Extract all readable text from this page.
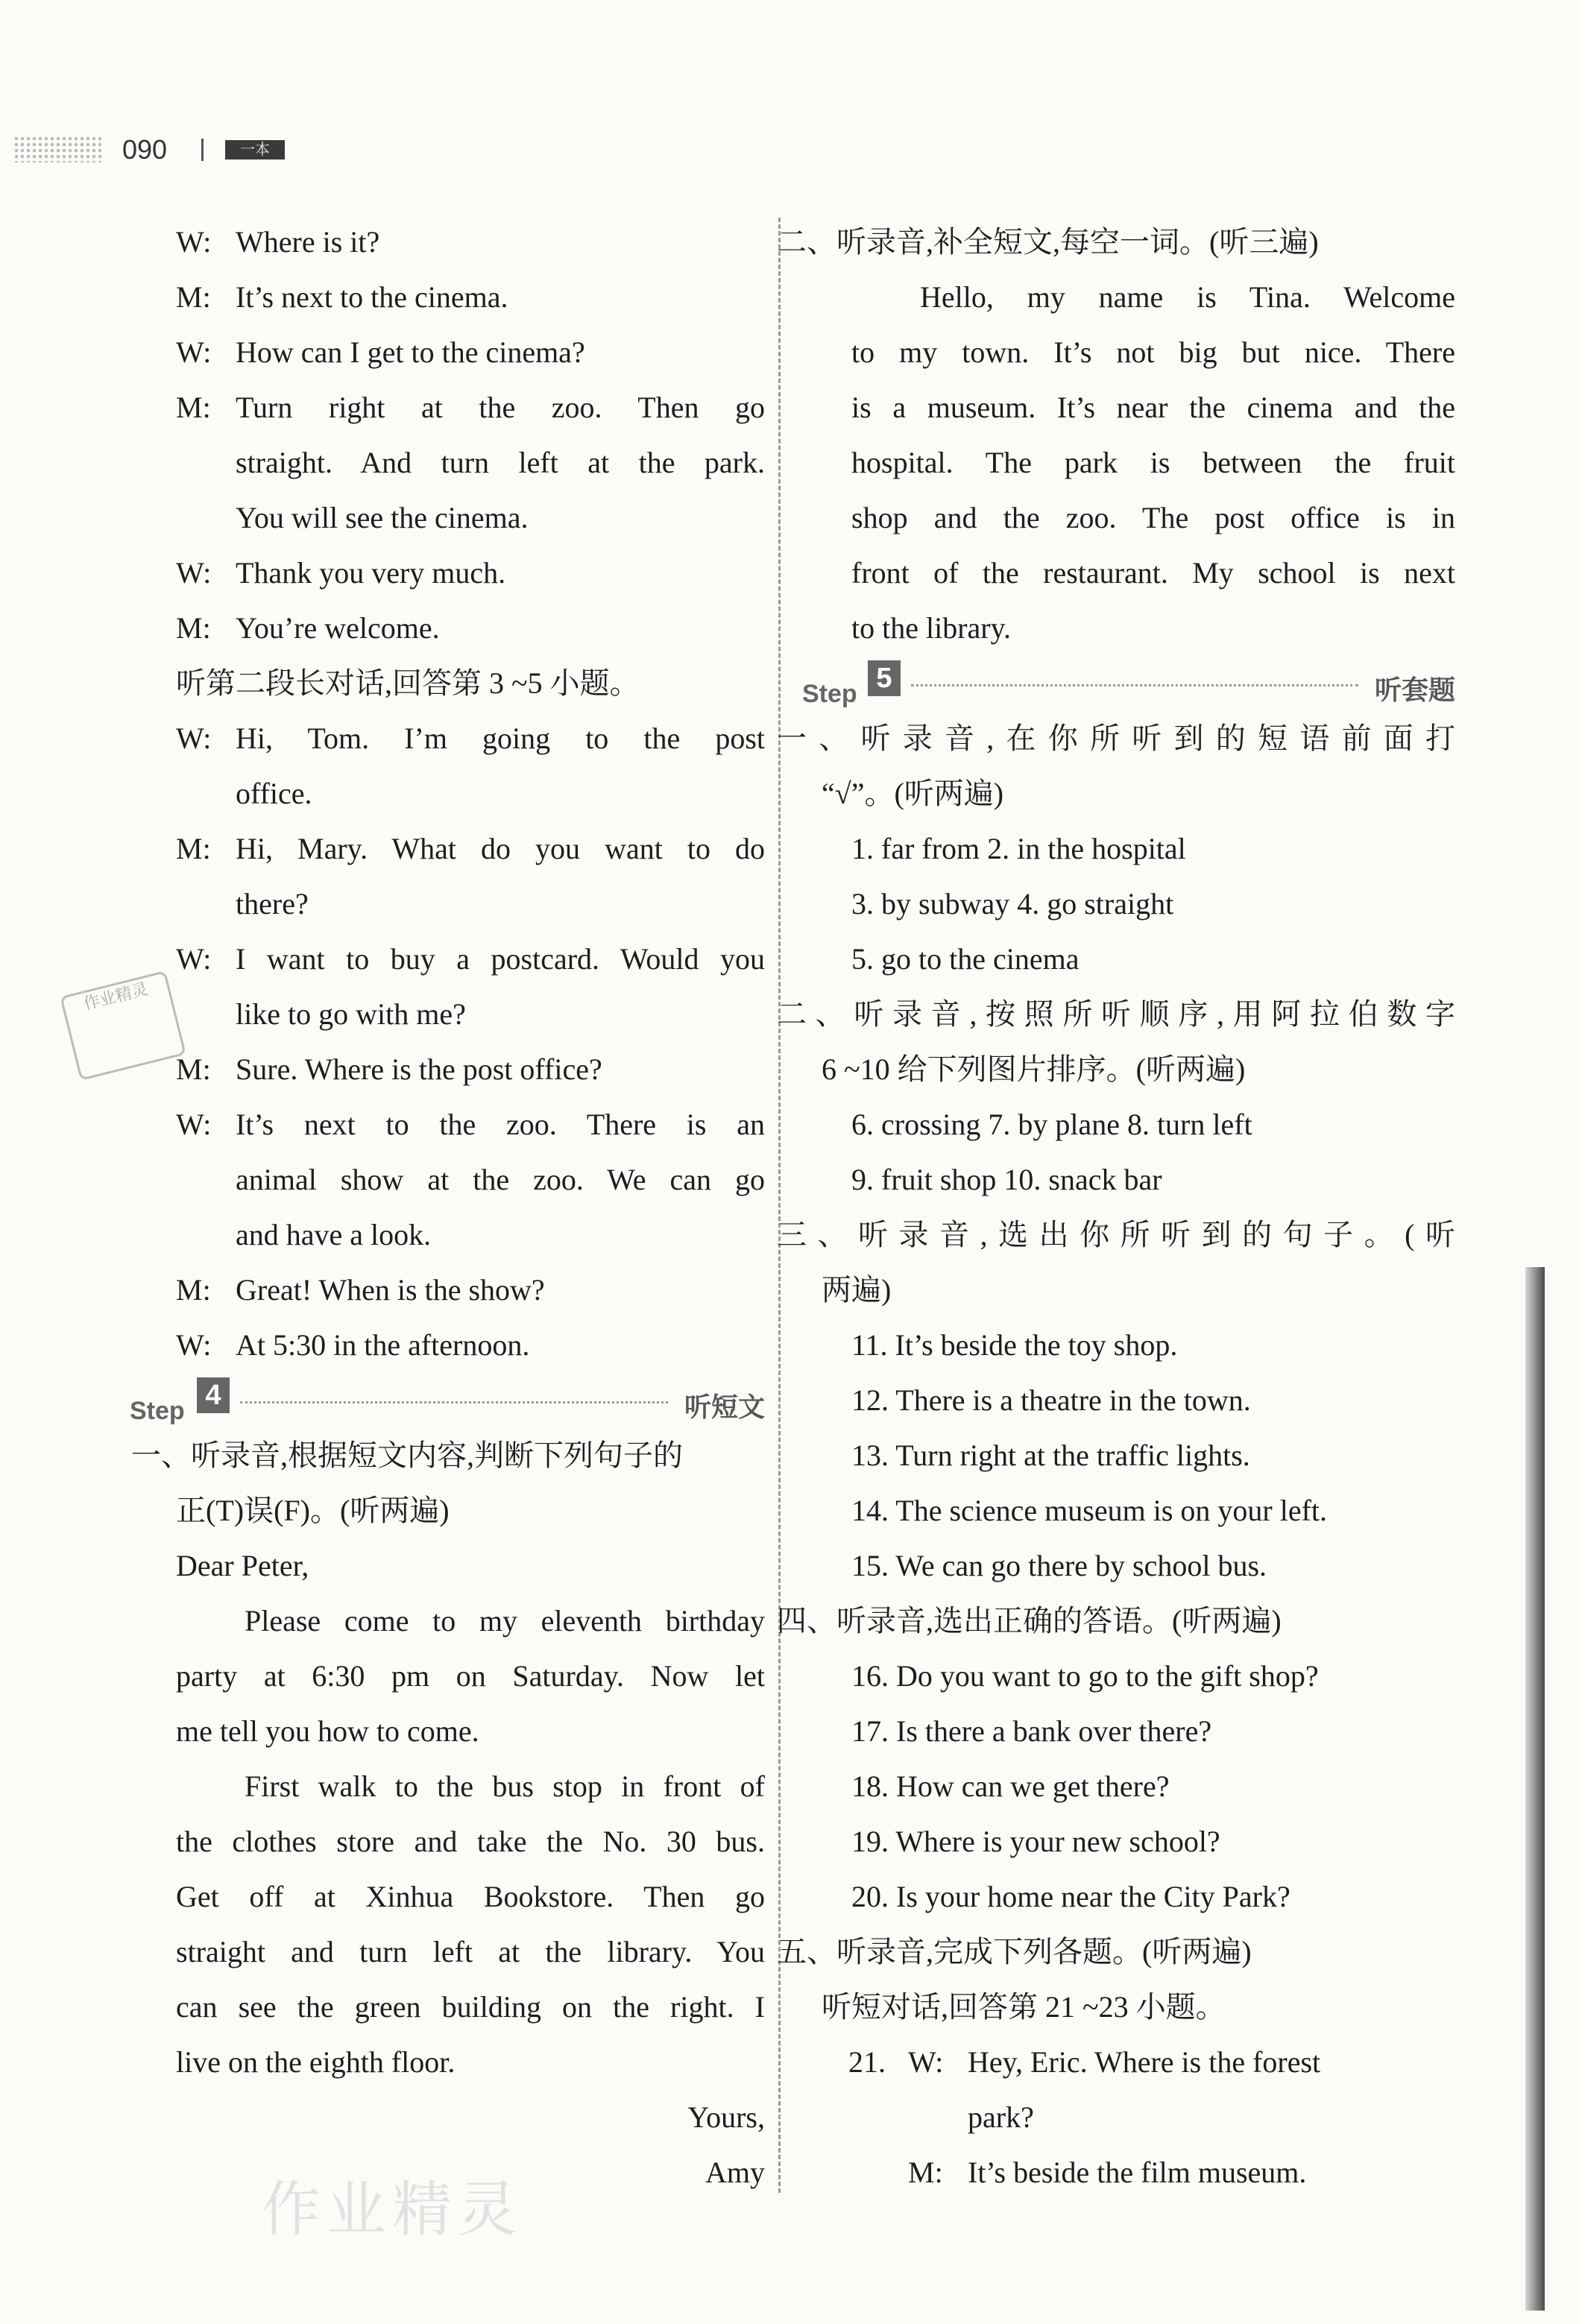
090	一本
W: Where is it?
M: It’s next to the cinema.
W: How can I get to the cinema?
M: Turn right at the zoo. Then go
straight. And turn left at the park.
You will see the cinema.
W: Thank you very much.
M: You’re welcome.
听第二段长对话,回答第 3 ~5 小题。
W: Hi, Tom. I’m going to the post
office.
M: Hi, Mary. What do you want to do
there?
W: I want to buy a postcard. Would you
like to go with me?
M: Sure. Where is the post office?
W: It’s next to the zoo. There is an
animal show at the zoo. We can go
and have a look.
M: Great! When is the show?
W: At 5:30 in the afternoon.
Step 4	听短文
一、听录音,根据短文内容,判断下列句子的
正(T)误(F)。(听两遍)
Dear Peter,
Please come to my eleventh birthday
party at 6:30 pm on Saturday. Now let
me tell you how to come.
First walk to the bus stop in front of
the clothes store and take the No. 30 bus.
Get off at Xinhua Bookstore. Then go
straight and turn left at the library. You
can see the green building on the right. I
live on the eighth floor.
Yours,
Amy
二、听录音,补全短文,每空一词。(听三遍)
Hello, my name is Tina. Welcome
to my town. It’s not big but nice. There
is a museum. It’s near the cinema and the
hospital. The park is between the fruit
shop and the zoo. The post office is in
front of the restaurant. My school is next
to the library.
Step 5	听套题
一、听录音,在你所听到的短语前面打
“√”。(听两遍)
1. far from 2. in the hospital
3. by subway 4. go straight
5. go to the cinema
二、听录音,按照所听顺序,用阿拉伯数字
6 ~10 给下列图片排序。(听两遍)
6. crossing 7. by plane 8. turn left
9. fruit shop 10. snack bar
三、听录音,选出你所听到的句子。(听
两遍)
11. It’s beside the toy shop.
12. There is a theatre in the town.
13. Turn right at the traffic lights.
14. The science museum is on your left.
15. We can go there by school bus.
四、听录音,选出正确的答语。(听两遍)
16. Do you want to go to the gift shop?
17. Is there a bank over there?
18. How can we get there?
19. Where is your new school?
20. Is your home near the City Park?
五、听录音,完成下列各题。(听两遍)
听短对话,回答第 21 ~23 小题。
21. W: Hey, Eric. Where is the forest
park?
M: It’s beside the film museum.
作业精灵
作业精灵
